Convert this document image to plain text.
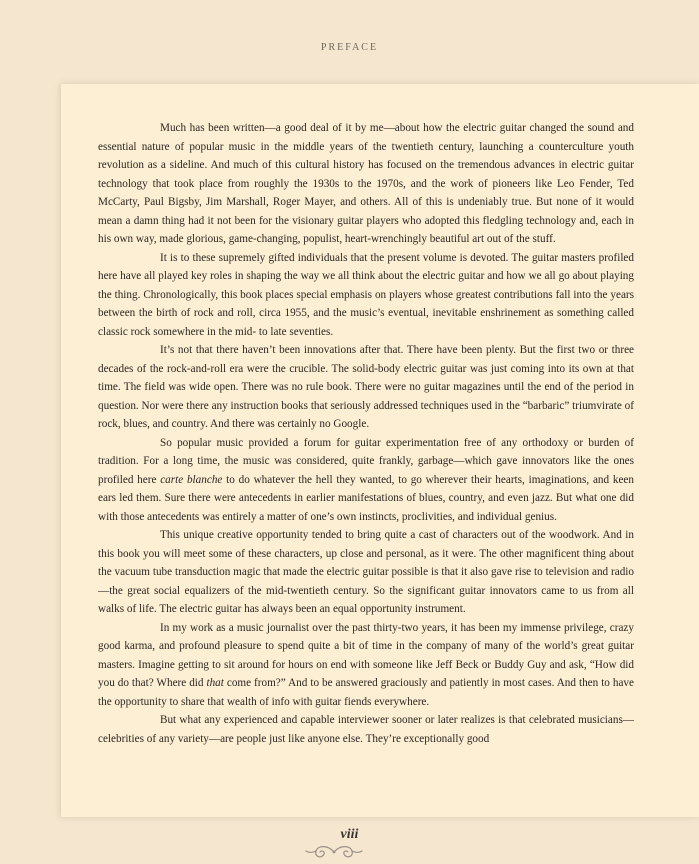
PREFACE

Much has been written—a good deal of it by me—about how the electric guitar changed the sound and essential nature of popular music in the middle years of the twentieth century, launching a counterculture youth revolution as a sideline. And much of this cultural history has focused on the tremendous advances in electric guitar technology that took place from roughly the 1930s to the 1970s, and the work of pioneers like Leo Fender, Ted McCarty, Paul Bigsby, Jim Marshall, Roger Mayer, and others. All of this is undeniably true. But none of it would mean a damn thing had it not been for the visionary guitar players who adopted this fledgling technology and, each in his own way, made glorious, game-changing, populist, heart-wrenchingly beautiful art out of the stuff.

It is to these supremely gifted individuals that the present volume is devoted. The guitar masters profiled here have all played key roles in shaping the way we all think about the electric guitar and how we all go about playing the thing. Chronologically, this book places special emphasis on players whose greatest contributions fall into the years between the birth of rock and roll, circa 1955, and the music’s eventual, inevitable enshrinement as something called classic rock somewhere in the mid- to late seventies.

It’s not that there haven’t been innovations after that. There have been plenty. But the first two or three decades of the rock-and-roll era were the crucible. The solid-body electric guitar was just coming into its own at that time. The field was wide open. There was no rule book. There were no guitar magazines until the end of the period in question. Nor were there any instruction books that seriously addressed techniques used in the “barbaric” triumvirate of rock, blues, and country. And there was certainly no Google.

So popular music provided a forum for guitar experimentation free of any orthodoxy or burden of tradition. For a long time, the music was considered, quite frankly, garbage—which gave innovators like the ones profiled here carte blanche to do whatever the hell they wanted, to go wherever their hearts, imaginations, and keen ears led them. Sure there were antecedents in earlier manifestations of blues, country, and even jazz. But what one did with those antecedents was entirely a matter of one’s own instincts, proclivities, and individual genius.

This unique creative opportunity tended to bring quite a cast of characters out of the woodwork. And in this book you will meet some of these characters, up close and personal, as it were. The other magnificent thing about the vacuum tube transduction magic that made the electric guitar possible is that it also gave rise to television and radio—the great social equalizers of the mid-twentieth century. So the significant guitar innovators came to us from all walks of life. The electric guitar has always been an equal opportunity instrument.

In my work as a music journalist over the past thirty-two years, it has been my immense privilege, crazy good karma, and profound pleasure to spend quite a bit of time in the company of many of the world’s great guitar masters. Imagine getting to sit around for hours on end with someone like Jeff Beck or Buddy Guy and ask, “How did you do that? Where did that come from?” And to be answered graciously and patiently in most cases. And then to have the opportunity to share that wealth of info with guitar fiends everywhere.

But what any experienced and capable interviewer sooner or later realizes is that celebrated musicians—celebrities of any variety—are people just like anyone else. They’re exceptionally good

viii
